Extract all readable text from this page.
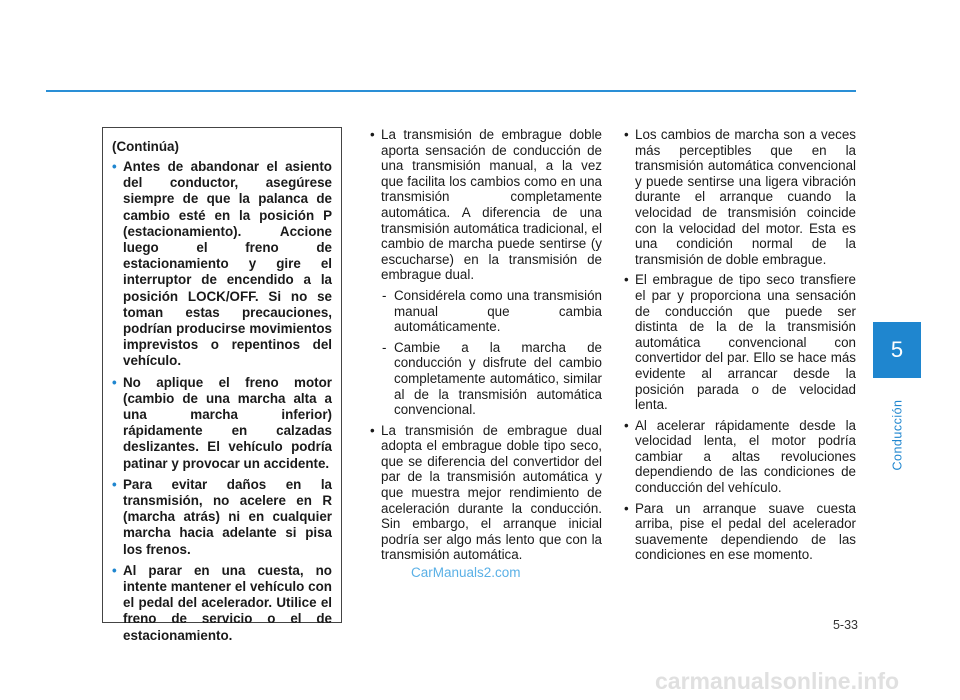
5
Conducción
(Continúa)
• Antes de abandonar el asiento del conductor, asegúrese siempre de que la palanca de cambio esté en la posición P (estacionamiento). Accione luego el freno de estacionamiento y gire el interruptor de encendido a la posición LOCK/OFF. Si no se toman estas precauciones, podrían producirse movimientos imprevistos o repentinos del vehículo.
• No aplique el freno motor (cambio de una marcha alta a una marcha inferior) rápidamente en calzadas deslizantes. El vehículo podría patinar y provocar un accidente.
• Para evitar daños en la transmisión, no acelere en R (marcha atrás) ni en cualquier marcha hacia adelante si pisa los frenos.
• Al parar en una cuesta, no intente mantener el vehículo con el pedal del acelerador. Utilice el freno de servicio o el de estacionamiento.
• La transmisión de embrague doble aporta sensación de conducción de una transmisión manual, a la vez que facilita los cambios como en una transmisión completamente automática. A diferencia de una transmisión automática tradicional, el cambio de marcha puede sentirse (y escucharse) en la transmisión de embrague dual.
- Considérela como una transmisión manual que cambia automáticamente.
- Cambie a la marcha de conducción y disfrute del cambio completamente automático, similar al de la transmisión automática convencional.
• La transmisión de embrague dual adopta el embrague doble tipo seco, que se diferencia del convertidor del par de la transmisión automática y que muestra mejor rendimiento de aceleración durante la conducción. Sin embargo, el arranque inicial podría ser algo más lento que con la transmisión automática.
• Los cambios de marcha son a veces más perceptibles que en la transmisión automática convencional y puede sentirse una ligera vibración durante el arranque cuando la velocidad de transmisión coincide con la velocidad del motor. Esta es una condición normal de la transmisión de doble embrague.
• El embrague de tipo seco transfiere el par y proporciona una sensación de conducción que puede ser distinta de la de la transmisión automática convencional con convertidor del par. Ello se hace más evidente al arrancar desde la posición parada o de velocidad lenta.
• Al acelerar rápidamente desde la velocidad lenta, el motor podría cambiar a altas revoluciones dependiendo de las condiciones de conducción del vehículo.
• Para un arranque suave cuesta arriba, pise el pedal del acelerador suavemente dependiendo de las condiciones en ese momento.
5-33
CarManuals2.com
carmanualsonline.info
